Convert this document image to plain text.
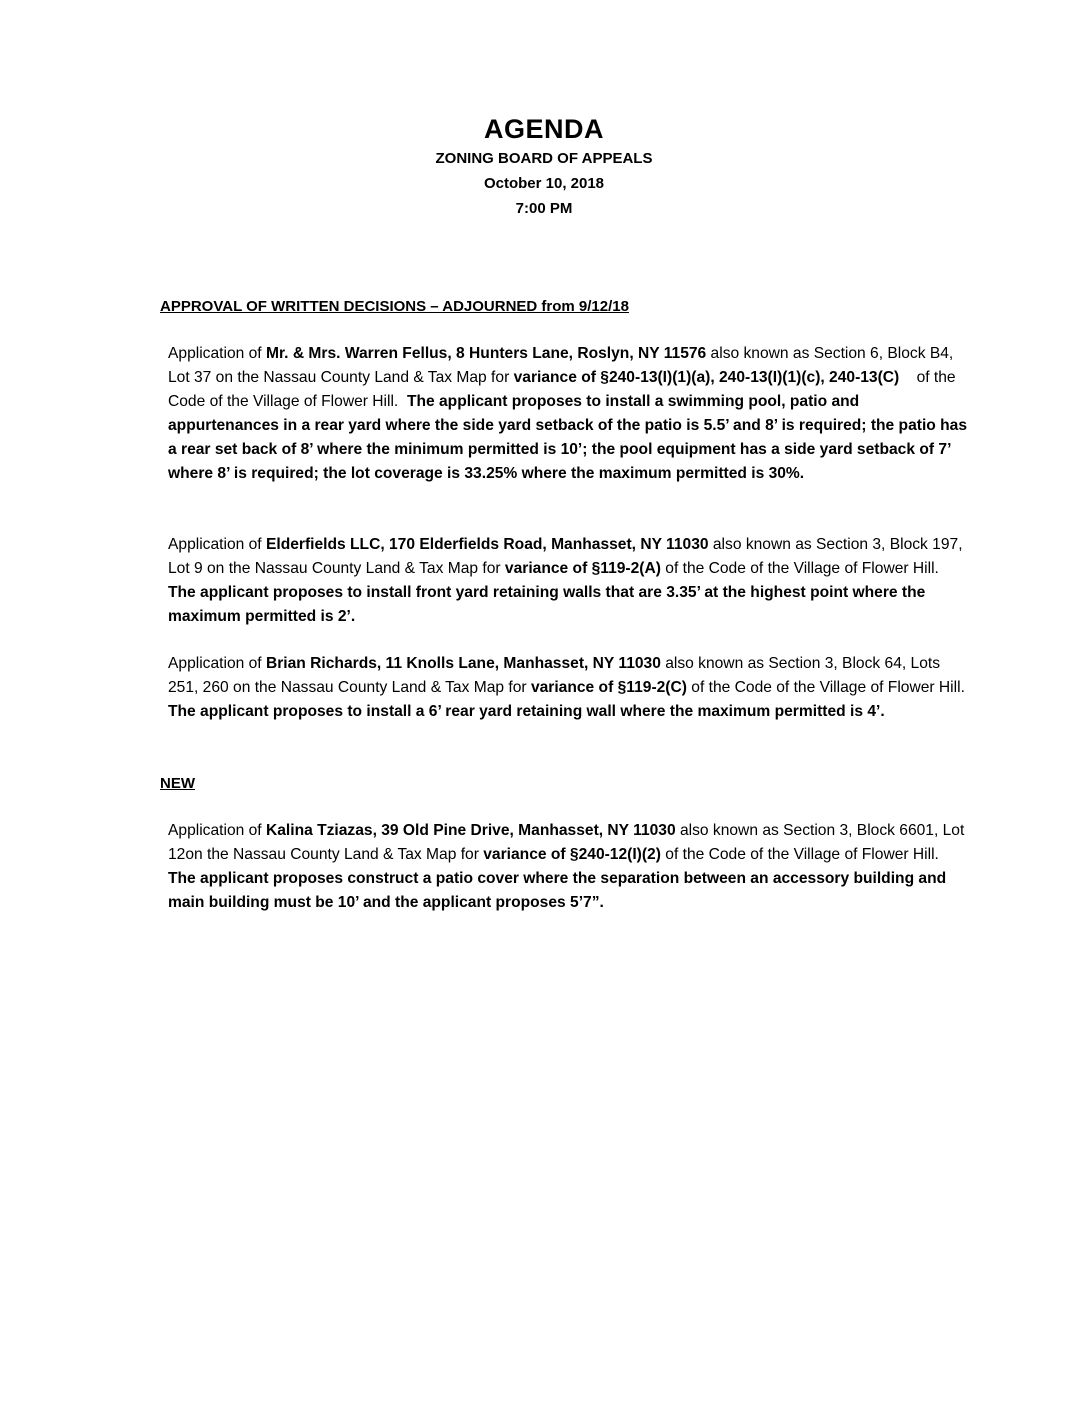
AGENDA
ZONING BOARD OF APPEALS
October 10, 2018
7:00 PM
APPROVAL OF WRITTEN DECISIONS – ADJOURNED from 9/12/18
Application of Mr. & Mrs. Warren Fellus, 8 Hunters Lane, Roslyn, NY 11576 also known as Section 6, Block B4, Lot 37 on the Nassau County Land & Tax Map for variance of §240-13(I)(1)(a), 240-13(I)(1)(c), 240-13(C)    of the Code of the Village of Flower Hill.  The applicant proposes to install a swimming pool, patio and appurtenances in a rear yard where the side yard setback of the patio is 5.5’ and 8’ is required; the patio has a rear set back of 8’ where the minimum permitted is 10’; the pool equipment has a side yard setback of 7’ where 8’ is required; the lot coverage is 33.25% where the maximum permitted is 30%.
Application of Elderfields LLC, 170 Elderfields Road, Manhasset, NY 11030 also known as Section 3, Block 197, Lot 9 on the Nassau County Land & Tax Map for variance of §119-2(A) of the Code of the Village of Flower Hill.  The applicant proposes to install front yard retaining walls that are 3.35’ at the highest point where the maximum permitted is 2’.
Application of Brian Richards, 11 Knolls Lane, Manhasset, NY 11030 also known as Section 3, Block 64, Lots 251, 260 on the Nassau County Land & Tax Map for variance of §119-2(C) of the Code of the Village of Flower Hill.  The applicant proposes to install a 6’ rear yard retaining wall where the maximum permitted is 4’.
NEW
Application of Kalina Tziazas, 39 Old Pine Drive, Manhasset, NY 11030 also known as Section 3, Block 6601, Lot 12on the Nassau County Land & Tax Map for variance of §240-12(I)(2) of the Code of the Village of Flower Hill.  The applicant proposes construct a patio cover where the separation between an accessory building and main building must be 10’ and the applicant proposes 5’7”.
